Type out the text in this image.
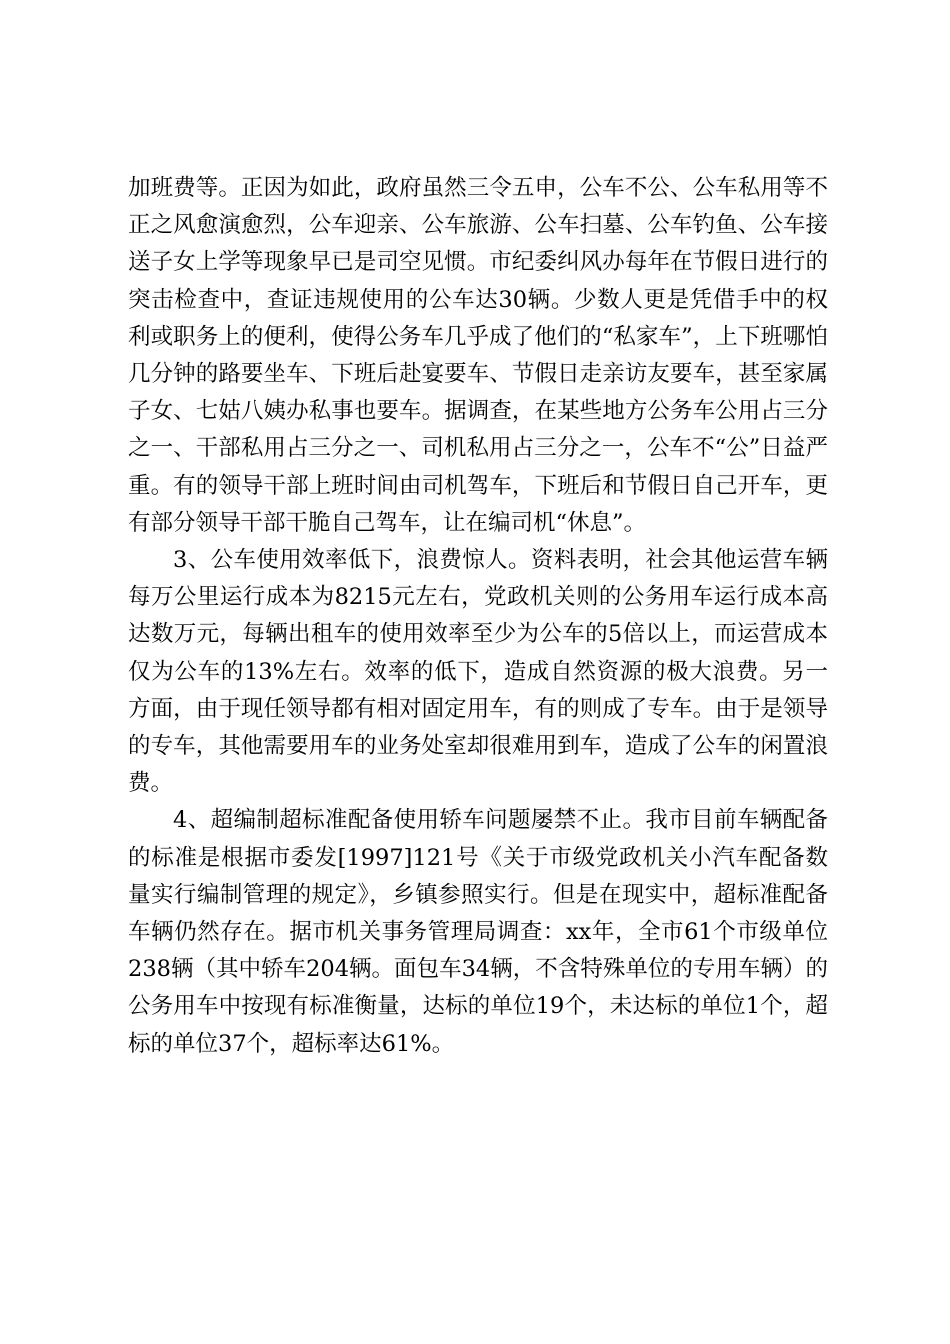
加班费等。正因为如此，政府虽然三令五申，公车不公、公车私用等不正之风愈演愈烈，公车迎亲、公车旅游、公车扫墓、公车钓鱼、公车接送子女上学等现象早已是司空见惯。市纪委纠风办每年在节假日进行的突击检查中，查证违规使用的公车达30辆。少数人更是凭借手中的权利或职务上的便利，使得公务车几乎成了他们的“私家车”，上下班哪怕几分钟的路要坐车、下班后赴宴要车、节假日走亲访友要车，甚至家属子女、七姑八姨办私事也要车。据调查，在某些地方公务车公用占三分之一、干部私用占三分之一、司机私用占三分之一，公车不“公”日益严重。有的领导干部上班时间由司机驾车，下班后和节假日自己开车，更有部分领导干部干脆自己驾车，让在编司机“休息”。

3、公车使用效率低下，浪费惊人。资料表明，社会其他运营车辆每万公里运行成本为8215元左右，党政机关则的公务用车运行成本高达数万元，每辆出租车的使用效率至少为公车的5倍以上，而运营成本仅为公车的13%左右。效率的低下，造成自然资源的极大浪费。另一方面，由于现任领导都有相对固定用车，有的则成了专车。由于是领导的专车，其他需要用车的业务处室却很难用到车，造成了公车的闲置浪费。

4、超编制超标准配备使用轿车问题屡禁不止。我市目前车辆配备的标准是根据市委发[1997]121号《关于市级党政机关小汽车配备数量实行编制管理的规定》，乡镇参照实行。但是在现实中，超标准配备车辆仍然存在。据市机关事务管理局调查：xx年，全市61个市级单位238辆（其中轿车204辆。面包车34辆，不含特殊单位的专用车辆）的公务用车中按现有标准衡量，达标的单位19个，未达标的单位1个，超标的单位37个，超标率达61%。
